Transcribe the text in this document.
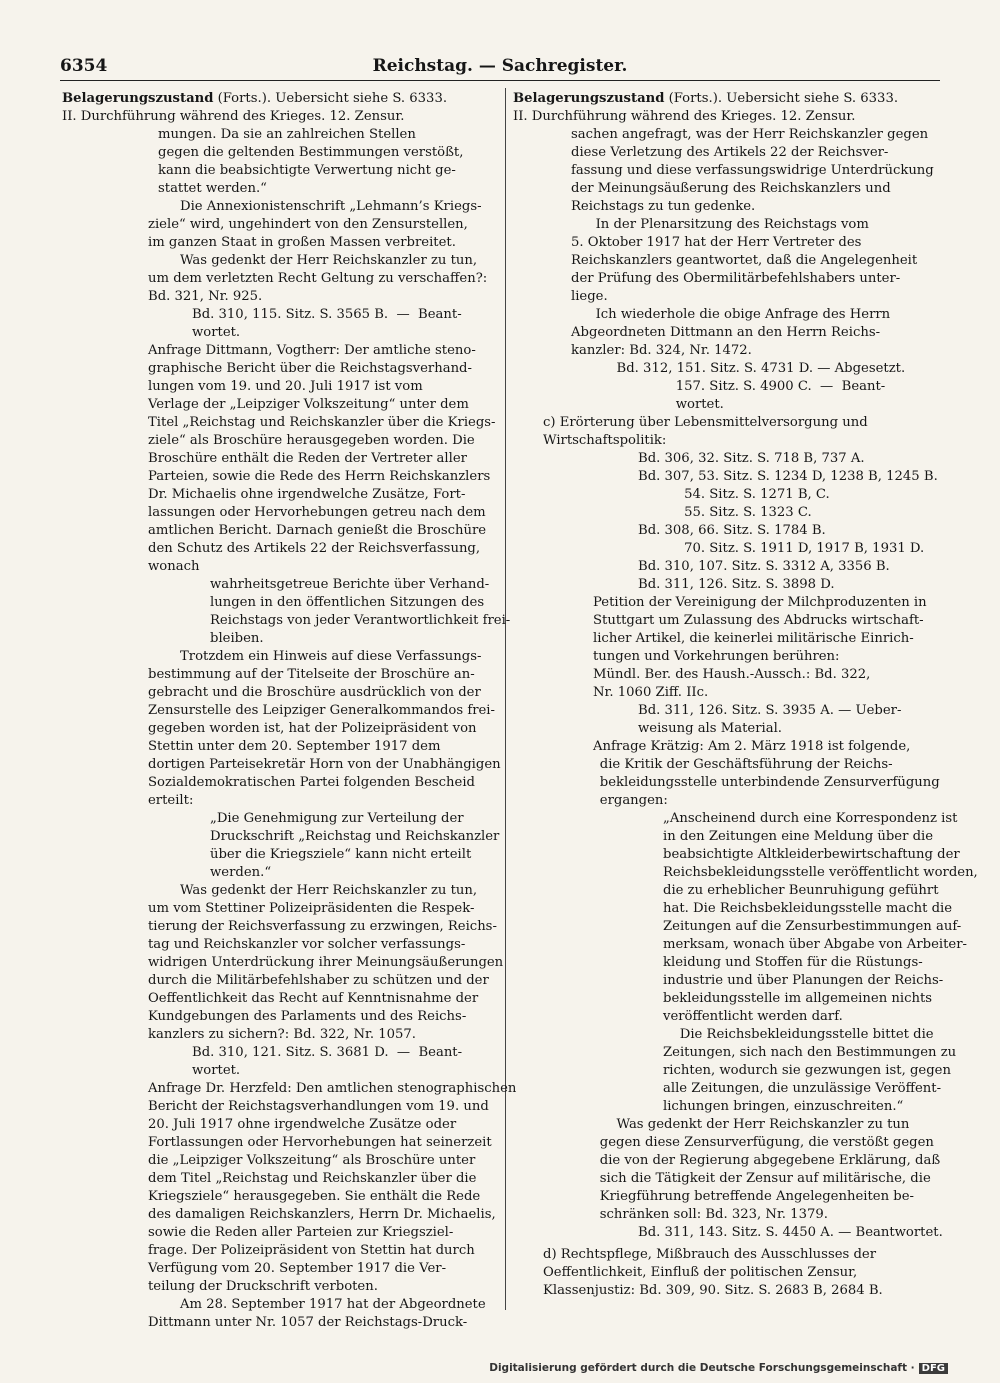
6354	Reichstag. — Sachregister.

Belagerungszustand (Forts.). Uebersicht siehe S. 6333.

II. Durchführung während des Krieges. 12. Zensur.

mungen. Da sie an zahlreichen Stellen

gegen die geltenden Bestimmungen verstößt,

kann die beabsichtigte Verwertung nicht ge-

stattet werden.“

Die Annexionistenschrift „Lehmann’s Kriegs-

ziele“ wird, ungehindert von den Zensurstellen,

im ganzen Staat in großen Massen verbreitet.

Was gedenkt der Herr Reichskanzler zu tun,

um dem verletzten Recht Geltung zu verschaffen?:

Bd. 321, Nr. 925.

Bd. 310, 115. Sitz. S. 3565 B.  —  Beant-

wortet.

Anfrage Dittmann, Vogtherr: Der amtliche steno-

graphische Bericht über die Reichstagsverhand-

lungen vom 19. und 20. Juli 1917 ist vom

Verlage der „Leipziger Volkszeitung“ unter dem

Titel „Reichstag und Reichskanzler über die Kriegs-

ziele“ als Broschüre herausgegeben worden. Die

Broschüre enthält die Reden der Vertreter aller

Parteien, sowie die Rede des Herrn Reichskanzlers

Dr. Michaelis ohne irgendwelche Zusätze, Fort-

lassungen oder Hervorhebungen getreu nach dem

amtlichen Bericht. Darnach genießt die Broschüre

den Schutz des Artikels 22 der Reichsverfassung,

wonach

wahrheitsgetreue Berichte über Verhand-

lungen in den öffentlichen Sitzungen des

Reichstags von jeder Verantwortlichkeit frei-

bleiben.

Trotzdem ein Hinweis auf diese Verfassungs-

bestimmung auf der Titelseite der Broschüre an-

gebracht und die Broschüre ausdrücklich von der

Zensurstelle des Leipziger Generalkommandos frei-

gegeben worden ist, hat der Polizeipräsident von

Stettin unter dem 20. September 1917 dem

dortigen Parteisekretär Horn von der Unabhängigen

Sozialdemokratischen Partei folgenden Bescheid

erteilt:

„Die Genehmigung zur Verteilung der

Druckschrift „Reichstag und Reichskanzler

über die Kriegsziele“ kann nicht erteilt

werden.“

Was gedenkt der Herr Reichskanzler zu tun,

um vom Stettiner Polizeipräsidenten die Respek-

tierung der Reichsverfassung zu erzwingen, Reichs-

tag und Reichskanzler vor solcher verfassungs-

widrigen Unterdrückung ihrer Meinungsäußerungen

durch die Militärbefehlshaber zu schützen und der

Oeffentlichkeit das Recht auf Kenntnisnahme der

Kundgebungen des Parlaments und des Reichs-

kanzlers zu sichern?: Bd. 322, Nr. 1057.

Bd. 310, 121. Sitz. S. 3681 D.  —  Beant-

wortet.

Anfrage Dr. Herzfeld: Den amtlichen stenographischen

Bericht der Reichstagsverhandlungen vom 19. und

20. Juli 1917 ohne irgendwelche Zusätze oder

Fortlassungen oder Hervorhebungen hat seinerzeit

die „Leipziger Volkszeitung“ als Broschüre unter

dem Titel „Reichstag und Reichskanzler über die

Kriegsziele“ herausgegeben. Sie enthält die Rede

des damaligen Reichskanzlers, Herrn Dr. Michaelis,

sowie die Reden aller Parteien zur Kriegsziel-

frage. Der Polizeipräsident von Stettin hat durch

Verfügung vom 20. September 1917 die Ver-

teilung der Druckschrift verboten.

Am 28. September 1917 hat der Abgeordnete

Dittmann unter Nr. 1057 der Reichstags-Druck-

Belagerungszustand (Forts.). Uebersicht siehe S. 6333.

II. Durchführung während des Krieges. 12. Zensur.

sachen angefragt, was der Herr Reichskanzler gegen

diese Verletzung des Artikels 22 der Reichsver-

fassung und diese verfassungswidrige Unterdrückung

der Meinungsäußerung des Reichskanzlers und

Reichstags zu tun gedenke.

In der Plenarsitzung des Reichstags vom

5. Oktober 1917 hat der Herr Vertreter des

Reichskanzlers geantwortet, daß die Angelegenheit

der Prüfung des Obermilitärbefehlshabers unter-

liege.

Ich wiederhole die obige Anfrage des Herrn

Abgeordneten Dittmann an den Herrn Reichs-

kanzler: Bd. 324, Nr. 1472.

Bd. 312, 151. Sitz. S. 4731 D. — Abgesetzt.

157. Sitz. S. 4900 C.  —  Beant-

wortet.

c) Erörterung über Lebensmittelversorgung und

Wirtschaftspolitik:

Bd. 306, 32. Sitz. S. 718 B, 737 A.

Bd. 307, 53. Sitz. S. 1234 D, 1238 B, 1245 B.

54. Sitz. S. 1271 B, C.

55. Sitz. S. 1323 C.

Bd. 308, 66. Sitz. S. 1784 B.

70. Sitz. S. 1911 D, 1917 B, 1931 D.

Bd. 310, 107. Sitz. S. 3312 A, 3356 B.

Bd. 311, 126. Sitz. S. 3898 D.

Petition der Vereinigung der Milchproduzenten in

Stuttgart um Zulassung des Abdrucks wirtschaft-

licher Artikel, die keinerlei militärische Einrich-

tungen und Vorkehrungen berühren:

Mündl. Ber. des Haush.-Aussch.: Bd. 322,

Nr. 1060 Ziff. IIc.

Bd. 311, 126. Sitz. S. 3935 A. — Ueber-

weisung als Material.

Anfrage Krätzig: Am 2. März 1918 ist folgende,

die Kritik der Geschäftsführung der Reichs-

bekleidungsstelle unterbindende Zensurverfügung

ergangen:

„Anscheinend durch eine Korrespondenz ist

in den Zeitungen eine Meldung über die

beabsichtigte Altkleiderbewirtschaftung der

Reichsbekleidungsstelle veröffentlicht worden,

die zu erheblicher Beunruhigung geführt

hat. Die Reichsbekleidungsstelle macht die

Zeitungen auf die Zensurbestimmungen auf-

merksam, wonach über Abgabe von Arbeiter-

kleidung und Stoffen für die Rüstungs-

industrie und über Planungen der Reichs-

bekleidungsstelle im allgemeinen nichts

veröffentlicht werden darf.

Die Reichsbekleidungsstelle bittet die

Zeitungen, sich nach den Bestimmungen zu

richten, wodurch sie gezwungen ist, gegen

alle Zeitungen, die unzulässige Veröffent-

lichungen bringen, einzuschreiten.“

Was gedenkt der Herr Reichskanzler zu tun

gegen diese Zensurverfügung, die verstößt gegen

die von der Regierung abgegebene Erklärung, daß

sich die Tätigkeit der Zensur auf militärische, die

Kriegführung betreffende Angelegenheiten be-

schränken soll: Bd. 323, Nr. 1379.

Bd. 311, 143. Sitz. S. 4450 A. — Beantwortet.

d) Rechtspflege, Mißbrauch des Ausschlusses der

Oeffentlichkeit, Einfluß der politischen Zensur,

Klassenjustiz: Bd. 309, 90. Sitz. S. 2683 B, 2684 B.

Digitalisierung gefördert durch die Deutsche Forschungsgemeinschaft · DFG
